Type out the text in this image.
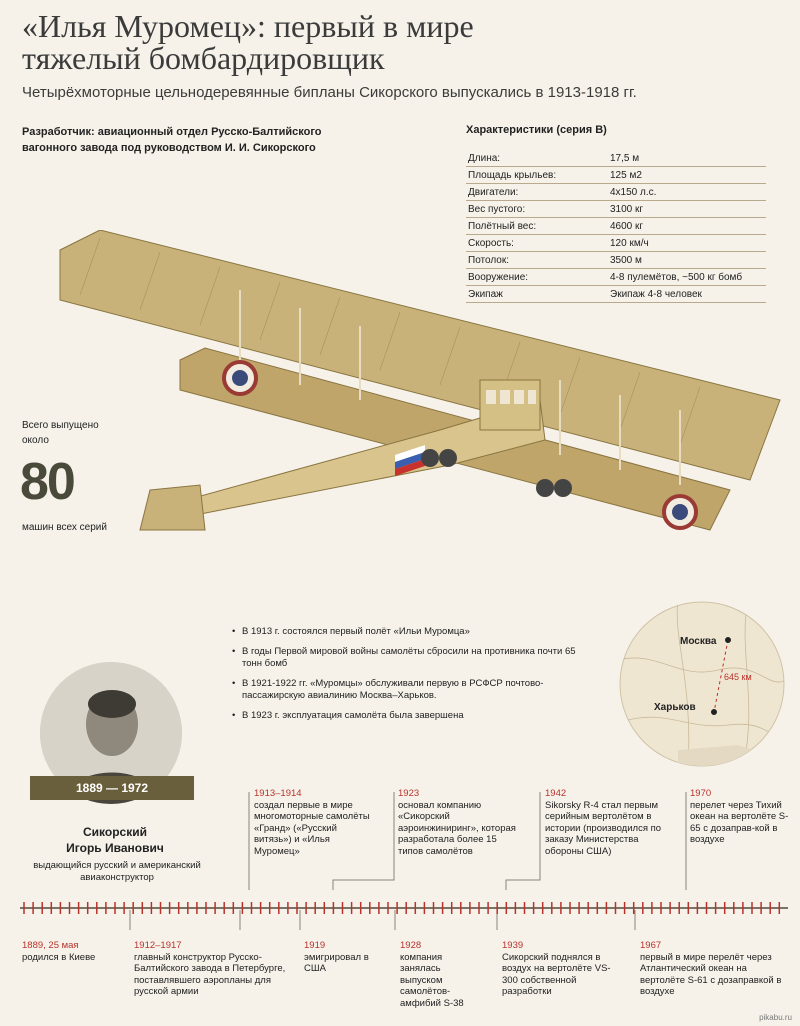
«Илья Муромец»: первый в мире
тяжелый бомбардировщик
Четырёхмоторные цельнодеревянные бипланы Сикорского выпускались в 1913-1918 гг.
Разработчик: авиационный отдел Русско-Балтийского вагонного завода под руководством И. И. Сикорского
Характеристики (серия В)
Длина:	17,5 м
Площадь крыльев:	125 м2
Двигатели:	4х150 л.с.
Вес пустого:	3100 кг
Полётный вес:	4600 кг
Скорость:	120 км/ч
Потолок:	3500 м
Вооружение:	4-8 пулемётов, ~500 кг бомб
Экипаж	Экипаж 4-8 человек
Всего выпущено около
80
машин всех серий
• В 1913 г. состоялся первый полёт «Ильи Муромца»
• В годы Первой мировой войны самолёты сбросили на противника почти 65 тонн бомб
• В 1921-1922 гг. «Муромцы» обслуживали первую в РСФСР почтово-пассажирскую авиалинию Москва–Харьков.
• В 1923 г. эксплуатация самолёта была завершена
Москва
Харьков
645 км
1889 — 1972
Сикорский
Игорь Иванович
выдающийся русский и американский авиаконструктор
1913–1914
создал первые в мире многомоторные самолёты «Гранд» («Русский витязь») и «Илья Муромец»
1923
основал компанию «Сикорский аэроинжиниринг», которая разработала более 15 типов самолётов
1942
Sikorsky R-4 стал первым серийным вертолётом в истории (производился по заказу Министерства обороны США)
1970
перелет через Тихий океан на вертолёте S-65 с дозаправ-кой в воздухе
1889, 25 мая
родился в Киеве
1912–1917
главный конструктор Русско-Балтийского завода в Петербурге, поставлявшего аэропланы для русской армии
1919
эмигрировал в США
1928
компания занялась выпуском самолётов-амфибий S-38
1939
Сикорский поднялся в воздух на вертолёте VS-300 собственной разработки
1967
первый в мире перелёт через Атлантический океан на вертолёте S-61 с дозаправкой в воздухе
pikabu.ru
